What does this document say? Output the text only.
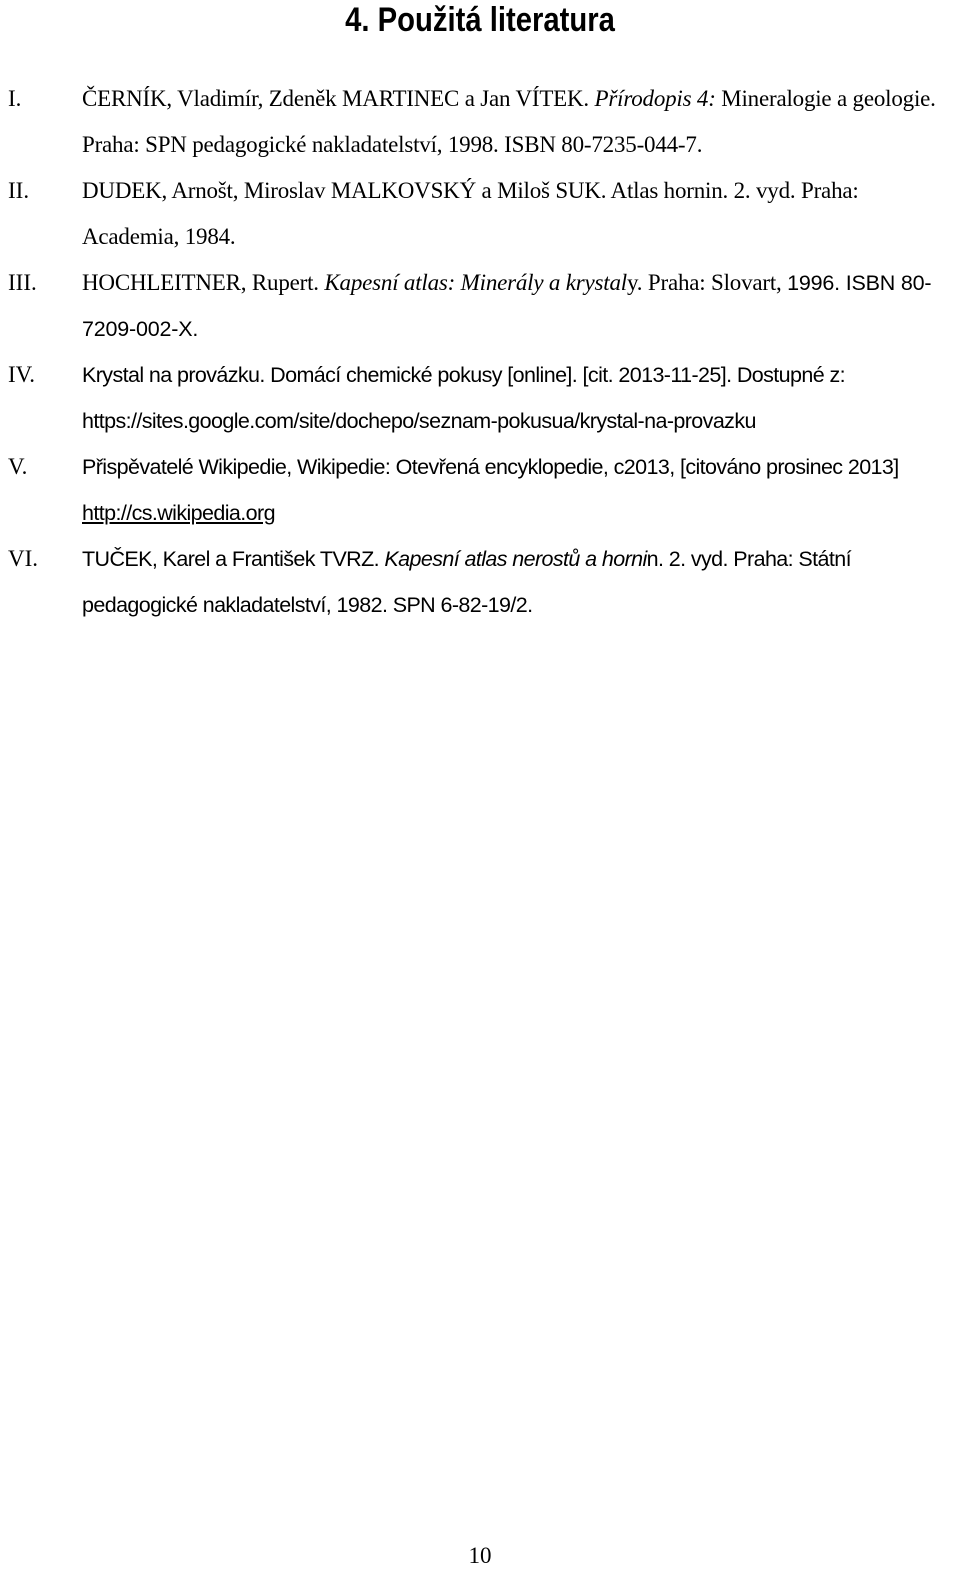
4. Použitá literatura
I.	ČERNÍK, Vladimír, Zdeněk MARTINEC a Jan VÍTEK. Přírodopis 4: Mineralogie a geologie. Praha: SPN pedagogické nakladatelství, 1998. ISBN 80-7235-044-7.
II.	DUDEK, Arnošt, Miroslav MALKOVSKÝ a Miloš SUK. Atlas hornin. 2. vyd. Praha: Academia, 1984.
III.	HOCHLEITNER, Rupert. Kapesní atlas: Minerály a krystaly. Praha: Slovart, 1996. ISBN 80-7209-002-X.
IV.	Krystal na provázku. Domácí chemické pokusy [online]. [cit. 2013-11-25]. Dostupné z: https://sites.google.com/site/dochepo/seznam-pokusua/krystal-na-provazku
V.	Přispěvatelé Wikipedie, Wikipedie: Otevřená encyklopedie, c2013, [citováno prosinec 2013] http://cs.wikipedia.org
VI.	TUČEK, Karel a František TVRZ. Kapesní atlas nerostů a hornin. 2. vyd. Praha: Státní pedagogické nakladatelství, 1982. SPN 6-82-19/2.
10
